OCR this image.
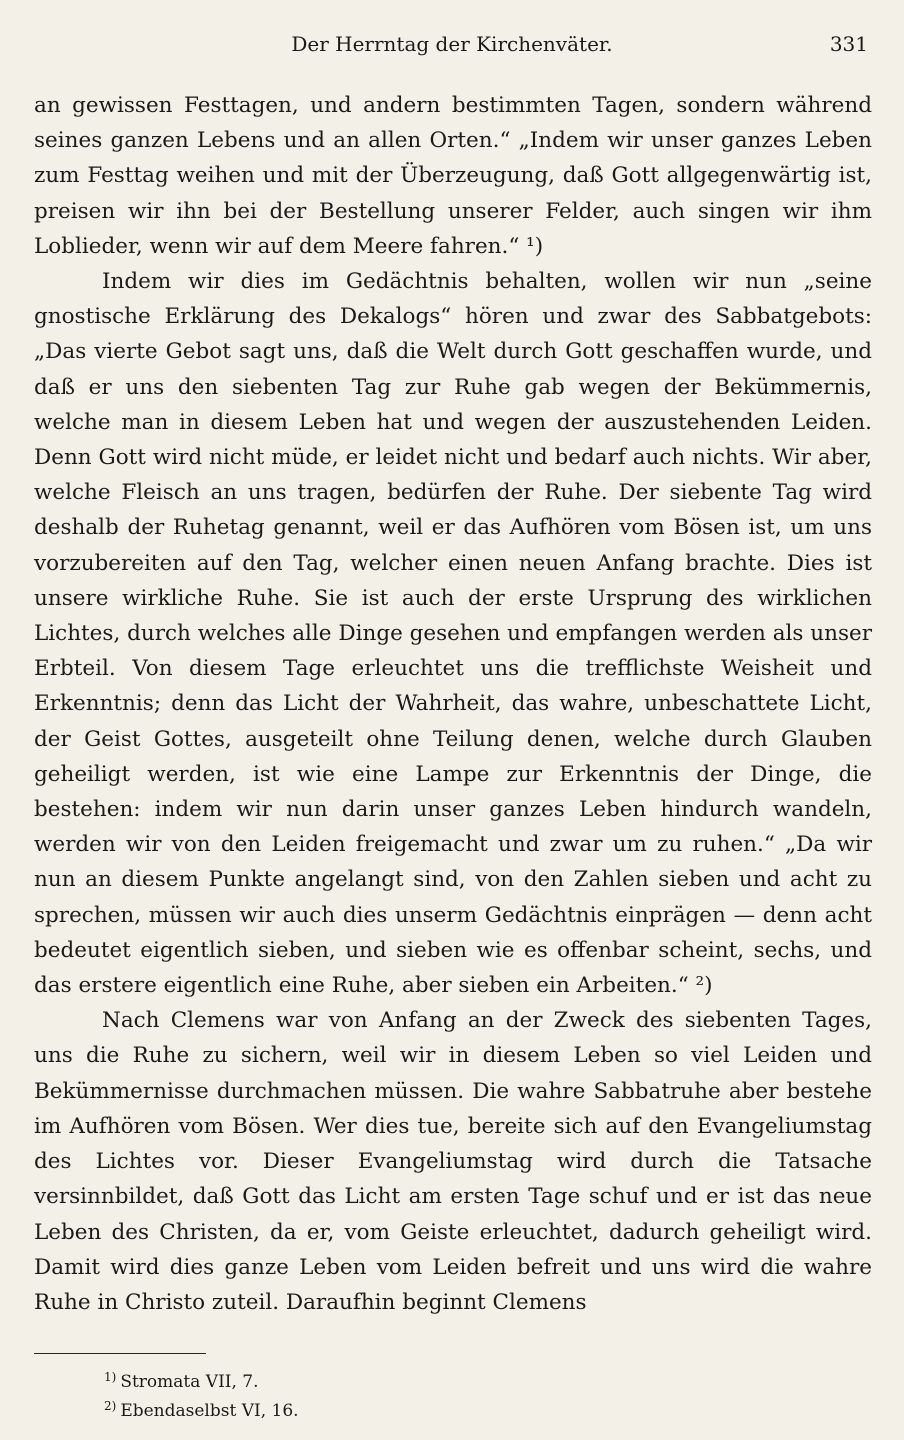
Der Herrntag der Kirchenväter.	331

an gewissen Festtagen, und andern bestimmten Tagen, sondern während seines ganzen Lebens und an allen Orten.“ „Indem wir unser ganzes Leben zum Festtag weihen und mit der Überzeugung, daß Gott allgegenwärtig ist, preisen wir ihn bei der Bestellung unserer Felder, auch singen wir ihm Loblieder, wenn wir auf dem Meere fahren.“ ¹)

Indem wir dies im Gedächtnis behalten, wollen wir nun „seine gnostische Erklärung des Dekalogs“ hören und zwar des Sabbatgebots: „Das vierte Gebot sagt uns, daß die Welt durch Gott geschaffen wurde, und daß er uns den siebenten Tag zur Ruhe gab wegen der Bekümmernis, welche man in diesem Leben hat und wegen der auszustehenden Leiden. Denn Gott wird nicht müde, er leidet nicht und bedarf auch nichts. Wir aber, welche Fleisch an uns tragen, bedürfen der Ruhe. Der siebente Tag wird deshalb der Ruhetag genannt, weil er das Aufhören vom Bösen ist, um uns vorzubereiten auf den Tag, welcher einen neuen Anfang brachte. Dies ist unsere wirkliche Ruhe. Sie ist auch der erste Ursprung des wirklichen Lichtes, durch welches alle Dinge gesehen und empfangen werden als unser Erbteil. Von diesem Tage erleuchtet uns die trefflichste Weisheit und Erkenntnis; denn das Licht der Wahrheit, das wahre, unbeschattete Licht, der Geist Gottes, ausgeteilt ohne Teilung denen, welche durch Glauben geheiligt werden, ist wie eine Lampe zur Erkenntnis der Dinge, die bestehen: indem wir nun darin unser ganzes Leben hindurch wandeln, werden wir von den Leiden freigemacht und zwar um zu ruhen.“ „Da wir nun an diesem Punkte angelangt sind, von den Zahlen sieben und acht zu sprechen, müssen wir auch dies unserm Gedächtnis einprägen — denn acht bedeutet eigentlich sieben, und sieben wie es offenbar scheint, sechs, und das erstere eigentlich eine Ruhe, aber sieben ein Arbeiten.“ ²)

Nach Clemens war von Anfang an der Zweck des siebenten Tages, uns die Ruhe zu sichern, weil wir in diesem Leben so viel Leiden und Bekümmernisse durchmachen müssen. Die wahre Sabbatruhe aber bestehe im Aufhören vom Bösen. Wer dies tue, bereite sich auf den Evangeliumstag des Lichtes vor. Dieser Evangeliumstag wird durch die Tatsache versinnbildet, daß Gott das Licht am ersten Tage schuf und er ist das neue Leben des Christen, da er, vom Geiste erleuchtet, dadurch geheiligt wird. Damit wird dies ganze Leben vom Leiden befreit und uns wird die wahre Ruhe in Christo zuteil. Daraufhin beginnt Clemens

$^{1)}$ Stromata VII, 7.
$^{2)}$ Ebendaselbst VI, 16.
